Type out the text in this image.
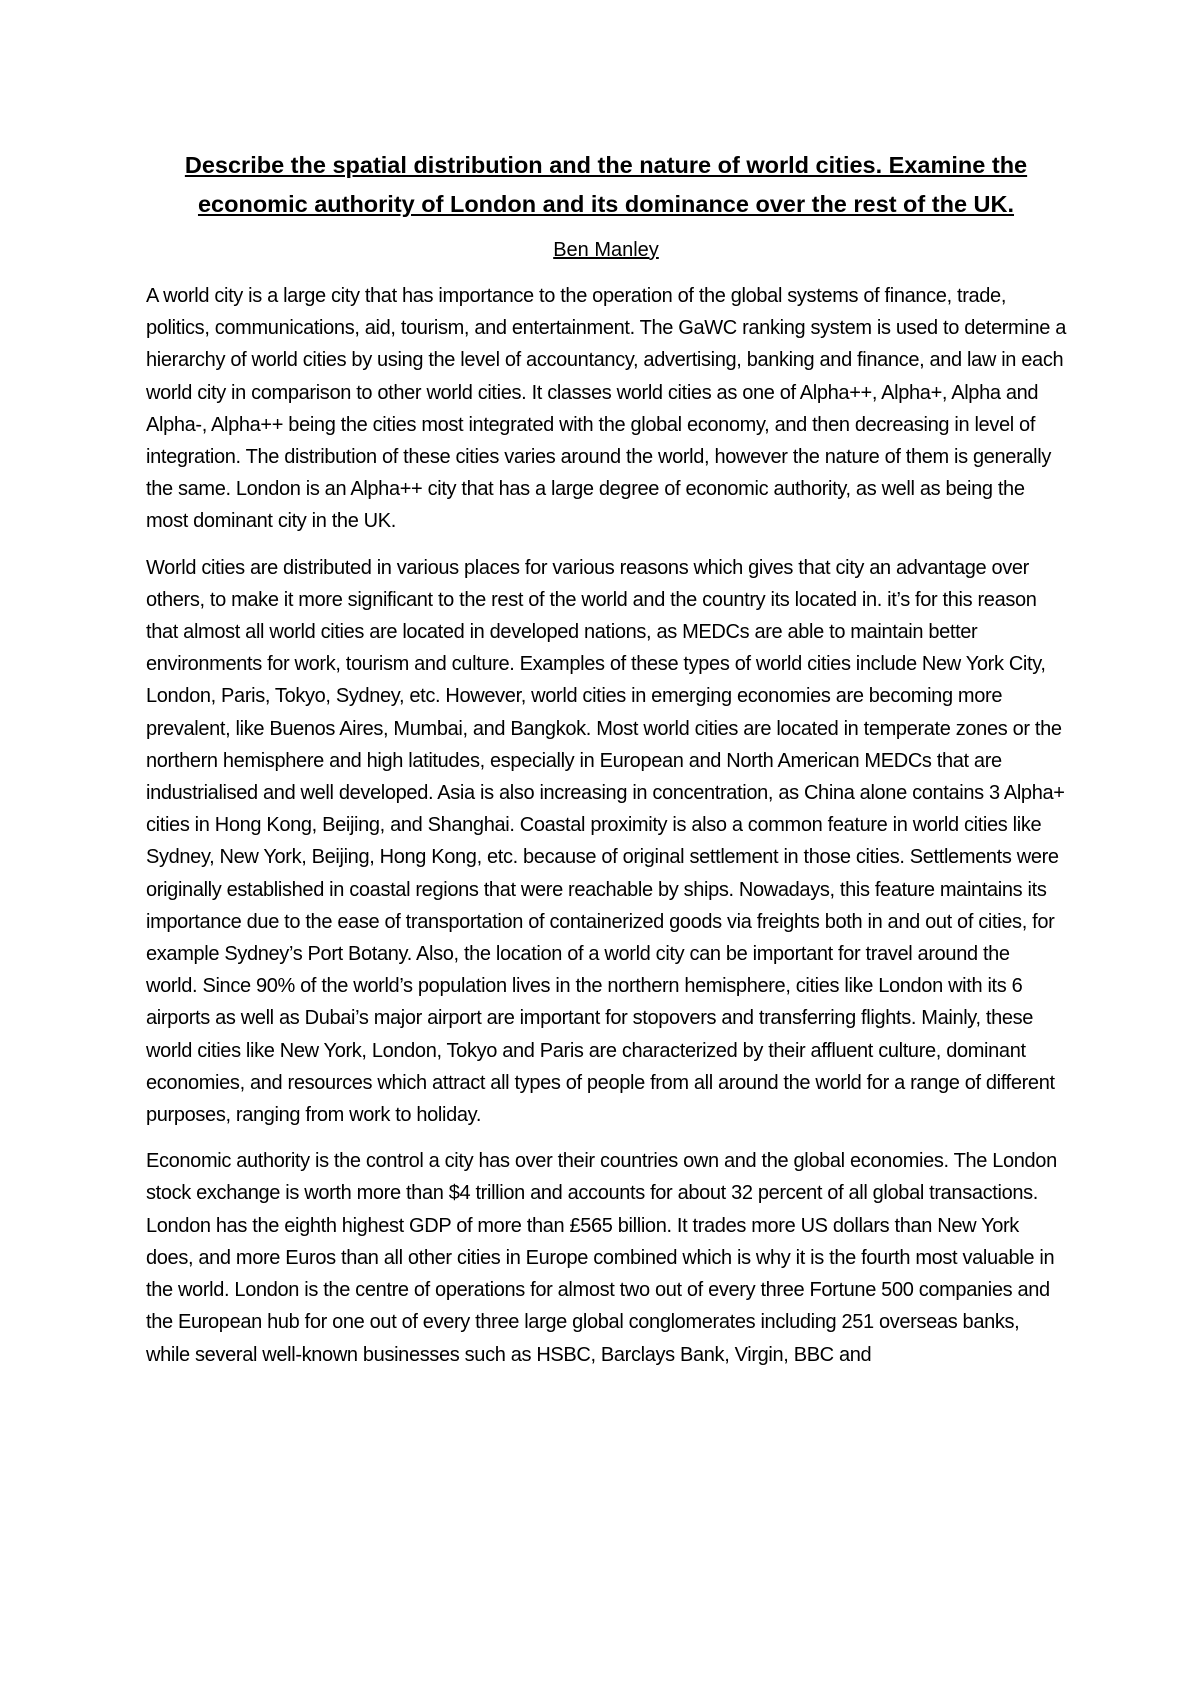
Describe the spatial distribution and the nature of world cities. Examine the economic authority of London and its dominance over the rest of the UK.

Ben Manley

A world city is a large city that has importance to the operation of the global systems of finance, trade, politics, communications, aid, tourism, and entertainment. The GaWC ranking system is used to determine a hierarchy of world cities by using the level of accountancy, advertising, banking and finance, and law in each world city in comparison to other world cities. It classes world cities as one of Alpha++, Alpha+, Alpha and Alpha-, Alpha++ being the cities most integrated with the global economy, and then decreasing in level of integration. The distribution of these cities varies around the world, however the nature of them is generally the same. London is an Alpha++ city that has a large degree of economic authority, as well as being the most dominant city in the UK.

World cities are distributed in various places for various reasons which gives that city an advantage over others, to make it more significant to the rest of the world and the country its located in. it’s for this reason that almost all world cities are located in developed nations, as MEDCs are able to maintain better environments for work, tourism and culture. Examples of these types of world cities include New York City, London, Paris, Tokyo, Sydney, etc. However, world cities in emerging economies are becoming more prevalent, like Buenos Aires, Mumbai, and Bangkok. Most world cities are located in temperate zones or the northern hemisphere and high latitudes, especially in European and North American MEDCs that are industrialised and well developed. Asia is also increasing in concentration, as China alone contains 3 Alpha+ cities in Hong Kong, Beijing, and Shanghai. Coastal proximity is also a common feature in world cities like Sydney, New York, Beijing, Hong Kong, etc. because of original settlement in those cities. Settlements were originally established in coastal regions that were reachable by ships. Nowadays, this feature maintains its importance due to the ease of transportation of containerized goods via freights both in and out of cities, for example Sydney’s Port Botany. Also, the location of a world city can be important for travel around the world. Since 90% of the world’s population lives in the northern hemisphere, cities like London with its 6 airports as well as Dubai’s major airport are important for stopovers and transferring flights. Mainly, these world cities like New York, London, Tokyo and Paris are characterized by their affluent culture, dominant economies, and resources which attract all types of people from all around the world for a range of different purposes, ranging from work to holiday.

Economic authority is the control a city has over their countries own and the global economies. The London stock exchange is worth more than $4 trillion and accounts for about 32 percent of all global transactions. London has the eighth highest GDP of more than £565 billion. It trades more US dollars than New York does, and more Euros than all other cities in Europe combined which is why it is the fourth most valuable in the world. London is the centre of operations for almost two out of every three Fortune 500 companies and the European hub for one out of every three large global conglomerates including 251 overseas banks, while several well-known businesses such as HSBC, Barclays Bank, Virgin, BBC and
